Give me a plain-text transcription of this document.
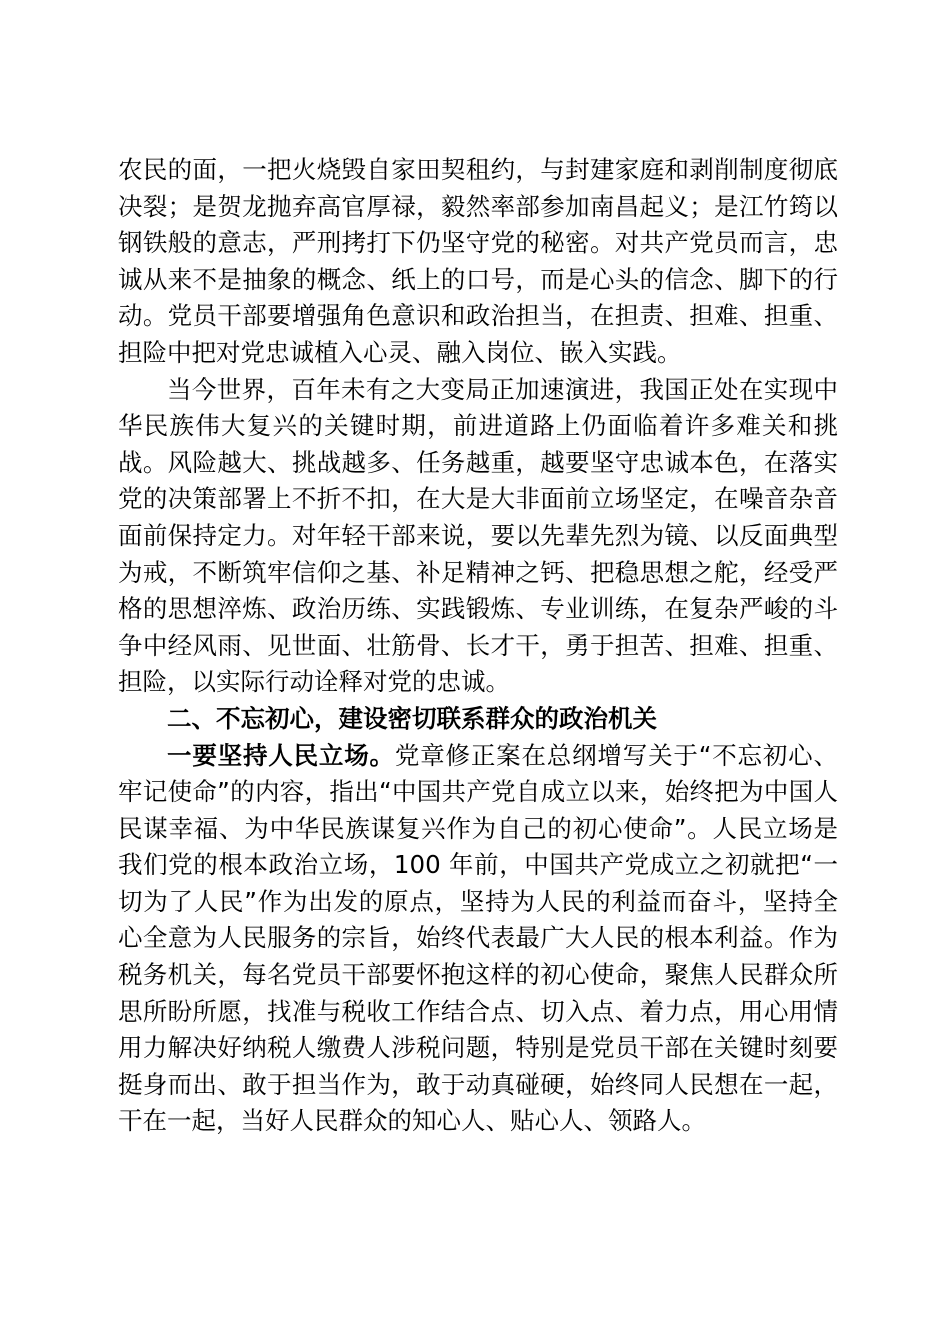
农民的面，一把火烧毁自家田契租约，与封建家庭和剥削制度彻底决裂；是贺龙抛弃高官厚禄，毅然率部参加南昌起义；是江竹筠以钢铁般的意志，严刑拷打下仍坚守党的秘密。对共产党员而言，忠诚从来不是抽象的概念、纸上的口号，而是心头的信念、脚下的行动。党员干部要增强角色意识和政治担当，在担责、担难、担重、担险中把对党忠诚植入心灵、融入岗位、嵌入实践。

当今世界，百年未有之大变局正加速演进，我国正处在实现中华民族伟大复兴的关键时期，前进道路上仍面临着许多难关和挑战。风险越大、挑战越多、任务越重，越要坚守忠诚本色，在落实党的决策部署上不折不扣，在大是大非面前立场坚定，在噪音杂音面前保持定力。对年轻干部来说，要以先辈先烈为镜、以反面典型为戒，不断筑牢信仰之基、补足精神之钙、把稳思想之舵，经受严格的思想淬炼、政治历练、实践锻炼、专业训练，在复杂严峻的斗争中经风雨、见世面、壮筋骨、长才干，勇于担苦、担难、担重、担险，以实际行动诠释对党的忠诚。

二、不忘初心，建设密切联系群众的政治机关

一要坚持人民立场。党章修正案在总纲增写关于“不忘初心、牢记使命”的内容，指出“中国共产党自成立以来，始终把为中国人民谋幸福、为中华民族谋复兴作为自己的初心使命”。人民立场是我们党的根本政治立场，100 年前，中国共产党成立之初就把“一切为了人民”作为出发的原点，坚持为人民的利益而奋斗，坚持全心全意为人民服务的宗旨，始终代表最广大人民的根本利益。作为税务机关，每名党员干部要怀抱这样的初心使命，聚焦人民群众所思所盼所愿，找准与税收工作结合点、切入点、着力点，用心用情用力解决好纳税人缴费人涉税问题，特别是党员干部在关键时刻要挺身而出、敢于担当作为，敢于动真碰硬，始终同人民想在一起，干在一起，当好人民群众的知心人、贴心人、领路人。
